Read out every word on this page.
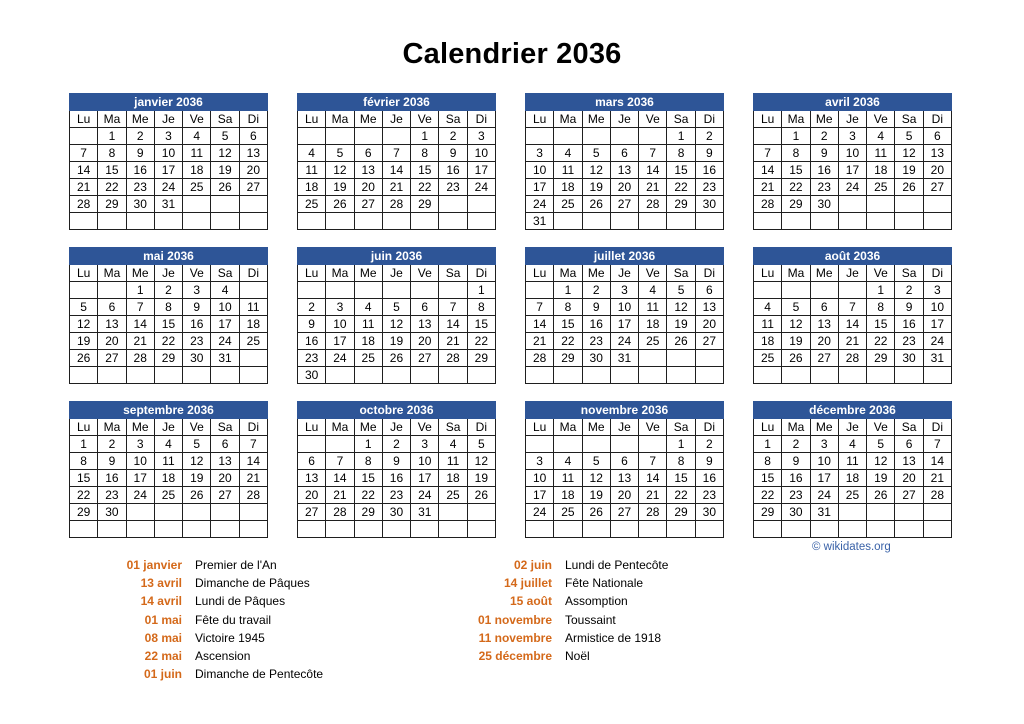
Calendrier 2036
janvier 2036						
Lu	Ma	Me	Je	Ve	Sa	Di
	1	2	3	4	5	6
7	8	9	10	11	12	13
14	15	16	17	18	19	20
21	22	23	24	25	26	27
28	29	30	31			

février 2036						
Lu	Ma	Me	Je	Ve	Sa	Di
				1	2	3
4	5	6	7	8	9	10
11	12	13	14	15	16	17
18	19	20	21	22	23	24
25	26	27	28	29		

mars 2036						
Lu	Ma	Me	Je	Ve	Sa	Di
					1	2
3	4	5	6	7	8	9
10	11	12	13	14	15	16
17	18	19	20	21	22	23
24	25	26	27	28	29	30
31						
avril 2036						
Lu	Ma	Me	Je	Ve	Sa	Di
	1	2	3	4	5	6
7	8	9	10	11	12	13
14	15	16	17	18	19	20
21	22	23	24	25	26	27
28	29	30				

mai 2036						
Lu	Ma	Me	Je	Ve	Sa	Di
		1	2	3	4	
5	6	7	8	9	10	11
12	13	14	15	16	17	18
19	20	21	22	23	24	25
26	27	28	29	30	31	

juin 2036						
Lu	Ma	Me	Je	Ve	Sa	Di
						1
2	3	4	5	6	7	8
9	10	11	12	13	14	15
16	17	18	19	20	21	22
23	24	25	26	27	28	29
30						
juillet 2036						
Lu	Ma	Me	Je	Ve	Sa	Di
	1	2	3	4	5	6
7	8	9	10	11	12	13
14	15	16	17	18	19	20
21	22	23	24	25	26	27
28	29	30	31			

août 2036						
Lu	Ma	Me	Je	Ve	Sa	Di
				1	2	3
4	5	6	7	8	9	10
11	12	13	14	15	16	17
18	19	20	21	22	23	24
25	26	27	28	29	30	31

septembre 2036						
Lu	Ma	Me	Je	Ve	Sa	Di
1	2	3	4	5	6	7
8	9	10	11	12	13	14
15	16	17	18	19	20	21
22	23	24	25	26	27	28
29	30					

octobre 2036						
Lu	Ma	Me	Je	Ve	Sa	Di
		1	2	3	4	5
6	7	8	9	10	11	12
13	14	15	16	17	18	19
20	21	22	23	24	25	26
27	28	29	30	31		

novembre 2036						
Lu	Ma	Me	Je	Ve	Sa	Di
					1	2
3	4	5	6	7	8	9
10	11	12	13	14	15	16
17	18	19	20	21	22	23
24	25	26	27	28	29	30

décembre 2036						
Lu	Ma	Me	Je	Ve	Sa	Di
1	2	3	4	5	6	7
8	9	10	11	12	13	14
15	16	17	18	19	20	21
22	23	24	25	26	27	28
29	30	31				

© wikidates.org
01 janvier Premier de l'An
13 avril Dimanche de Pâques
14 avril Lundi de Pâques
01 mai Fête du travail
08 mai Victoire 1945
22 mai Ascension
01 juin Dimanche de Pentecôte
02 juin Lundi de Pentecôte
14 juillet Fête Nationale
15 août Assomption
01 novembre Toussaint
11 novembre Armistice de 1918
25 décembre Noël
